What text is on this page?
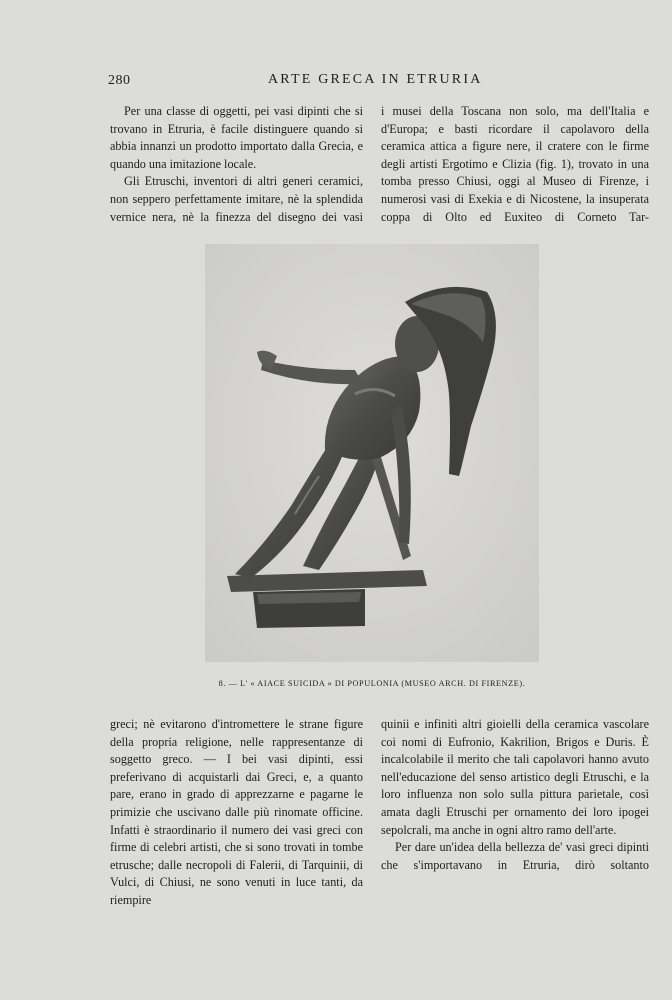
280	ARTE GRECA IN ETRURIA

Per una classe di oggetti, pei vasi dipinti che si trovano in Etruria, è facile distinguere quando si abbia innanzi un prodotto importato dalla Grecia, e quando una imitazione locale.

Gli Etruschi, inventori di altri generi ceramici, non seppero perfettamente imitare, nè la splendida vernice nera, nè la finezza del disegno dei vasi

i musei della Toscana non solo, ma dell'Italia e d'Europa; e basti ricordare il capolavoro della ceramica attica a figure nere, il cratere con le firme degli artisti Ergotimo e Clizia (fig. 1), trovato in una tomba presso Chiusi, oggi al Museo di Firenze, i numerosi vasi di Exekia e di Nicostene, la insuperata coppa di Olto ed Euxiteo di Corneto Tar-

8. — L' « AIACE SUICIDA » DI POPULONIA (MUSEO ARCH. DI FIRENZE).

greci; nè evitarono d'intromettere le strane figure della propria religione, nelle rappresentanze di soggetto greco. — I bei vasi dipinti, essi preferivano di acquistarli dai Greci, e, a quanto pare, erano in grado di apprezzarne e pagarne le primizie che uscivano dalle più rinomate officine. Infatti è straordinario il numero dei vasi greci con firme di celebri artisti, che si sono trovati in tombe etrusche; dalle necropoli di Falerii, di Tarquinii, di Vulci, di Chiusi, ne sono venuti in luce tanti, da riempire

quinii e infiniti altri gioielli della ceramica vascolare coi nomi di Eufronio, Kakrilion, Brigos e Duris. È incalcolabile il merito che tali capolavori hanno avuto nell'educazione del senso artistico degli Etruschi, e la loro influenza non solo sulla pittura parietale, così amata dagli Etruschi per ornamento dei loro ipogei sepolcrali, ma anche in ogni altro ramo dell'arte.

Per dare un'idea della bellezza de' vasi greci dipinti che s'importavano in Etruria, dirò soltanto
